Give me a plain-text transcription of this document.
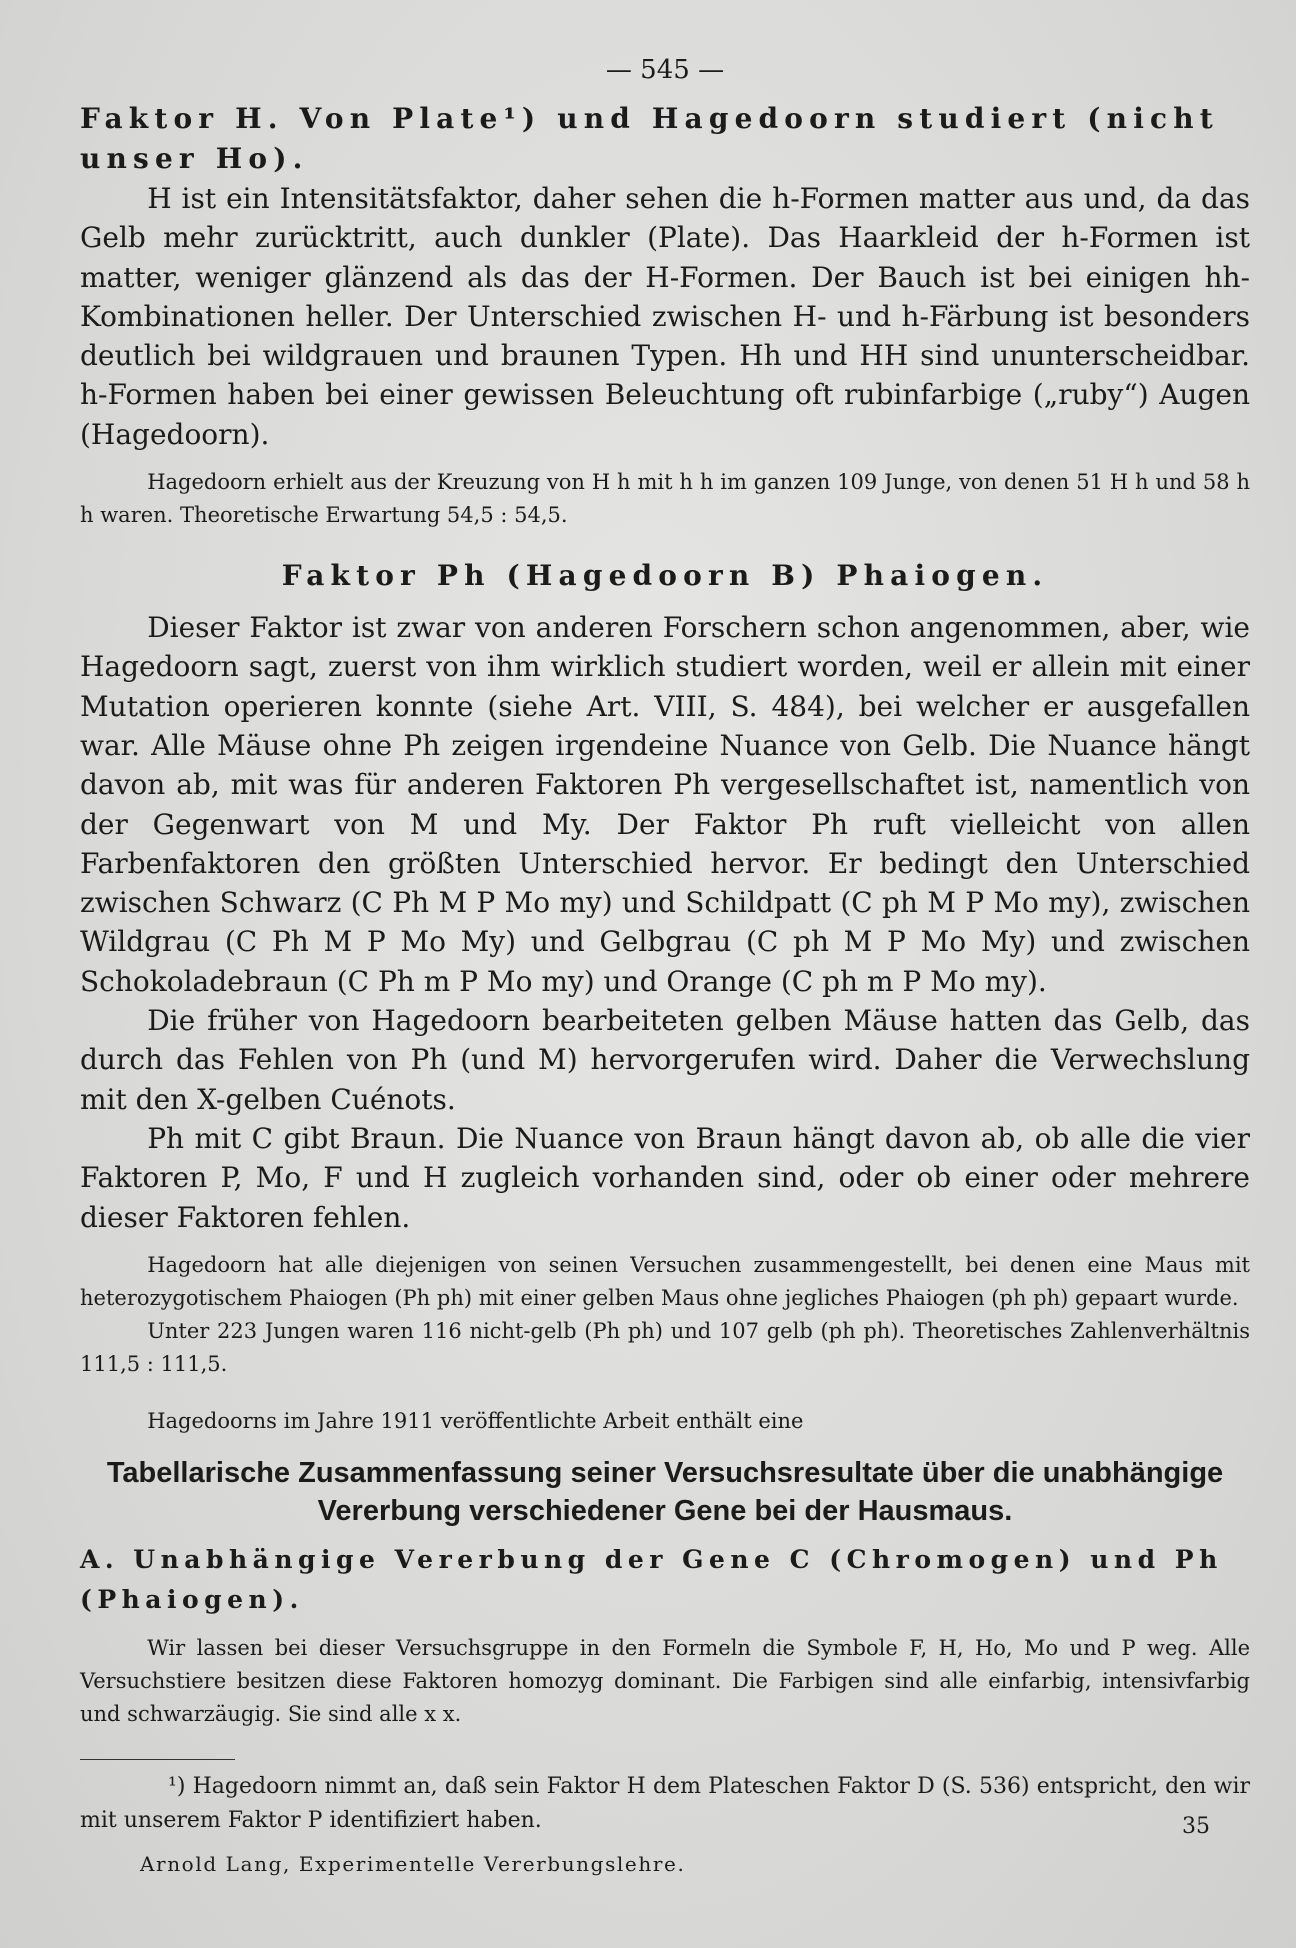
— 545 —
Faktor H. Von Plate¹) und Hagedoorn studiert (nicht unser Ho).

H ist ein Intensitätsfaktor, daher sehen die h-Formen matter aus und, da das Gelb mehr zurücktritt, auch dunkler (Plate). Das Haarkleid der h-Formen ist matter, weniger glänzend als das der H-Formen. Der Bauch ist bei einigen hh-Kombinationen heller. Der Unterschied zwischen H- und h-Färbung ist besonders deutlich bei wildgrauen und braunen Typen. Hh und HH sind ununterscheidbar. h-Formen haben bei einer gewissen Beleuchtung oft rubinfarbige („ruby“) Augen (Hagedoorn).

Hagedoorn erhielt aus der Kreuzung von H h mit h h im ganzen 109 Junge, von denen 51 H h und 58 h h waren. Theoretische Erwartung 54,5 : 54,5.

Faktor Ph (Hagedoorn B) Phaiogen.

Dieser Faktor ist zwar von anderen Forschern schon angenommen, aber, wie Hagedoorn sagt, zuerst von ihm wirklich studiert worden, weil er allein mit einer Mutation operieren konnte (siehe Art. VIII, S. 484), bei welcher er ausgefallen war. Alle Mäuse ohne Ph zeigen irgendeine Nuance von Gelb. Die Nuance hängt davon ab, mit was für anderen Faktoren Ph vergesellschaftet ist, namentlich von der Gegenwart von M und My. Der Faktor Ph ruft vielleicht von allen Farbenfaktoren den größten Unterschied hervor. Er bedingt den Unterschied zwischen Schwarz (C Ph M P Mo my) und Schildpatt (C ph M P Mo my), zwischen Wildgrau (C Ph M P Mo My) und Gelbgrau (C ph M P Mo My) und zwischen Schokoladebraun (C Ph m P Mo my) und Orange (C ph m P Mo my).

Die früher von Hagedoorn bearbeiteten gelben Mäuse hatten das Gelb, das durch das Fehlen von Ph (und M) hervorgerufen wird. Daher die Verwechslung mit den X-gelben Cuénots.

Ph mit C gibt Braun. Die Nuance von Braun hängt davon ab, ob alle die vier Faktoren P, Mo, F und H zugleich vorhanden sind, oder ob einer oder mehrere dieser Faktoren fehlen.

Hagedoorn hat alle diejenigen von seinen Versuchen zusammengestellt, bei denen eine Maus mit heterozygotischem Phaiogen (Ph ph) mit einer gelben Maus ohne jegliches Phaiogen (ph ph) gepaart wurde.

Unter 223 Jungen waren 116 nicht-gelb (Ph ph) und 107 gelb (ph ph). Theoretisches Zahlenverhältnis 111,5 : 111,5.

Hagedoorns im Jahre 1911 veröffentlichte Arbeit enthält eine

Tabellarische Zusammenfassung seiner Versuchsresultate über die unabhängige Vererbung verschiedener Gene bei der Hausmaus.
A. Unabhängige Vererbung der Gene C (Chromogen) und Ph (Phaiogen).

Wir lassen bei dieser Versuchsgruppe in den Formeln die Symbole F, H, Ho, Mo und P weg. Alle Versuchstiere besitzen diese Faktoren homozyg dominant. Die Farbigen sind alle einfarbig, intensivfarbig und schwarzäugig. Sie sind alle x x.

¹) Hagedoorn nimmt an, daß sein Faktor H dem Plateschen Faktor D (S. 536) entspricht, den wir mit unserem Faktor P identifiziert haben.

Arnold Lang, Experimentelle Vererbungslehre.
35
